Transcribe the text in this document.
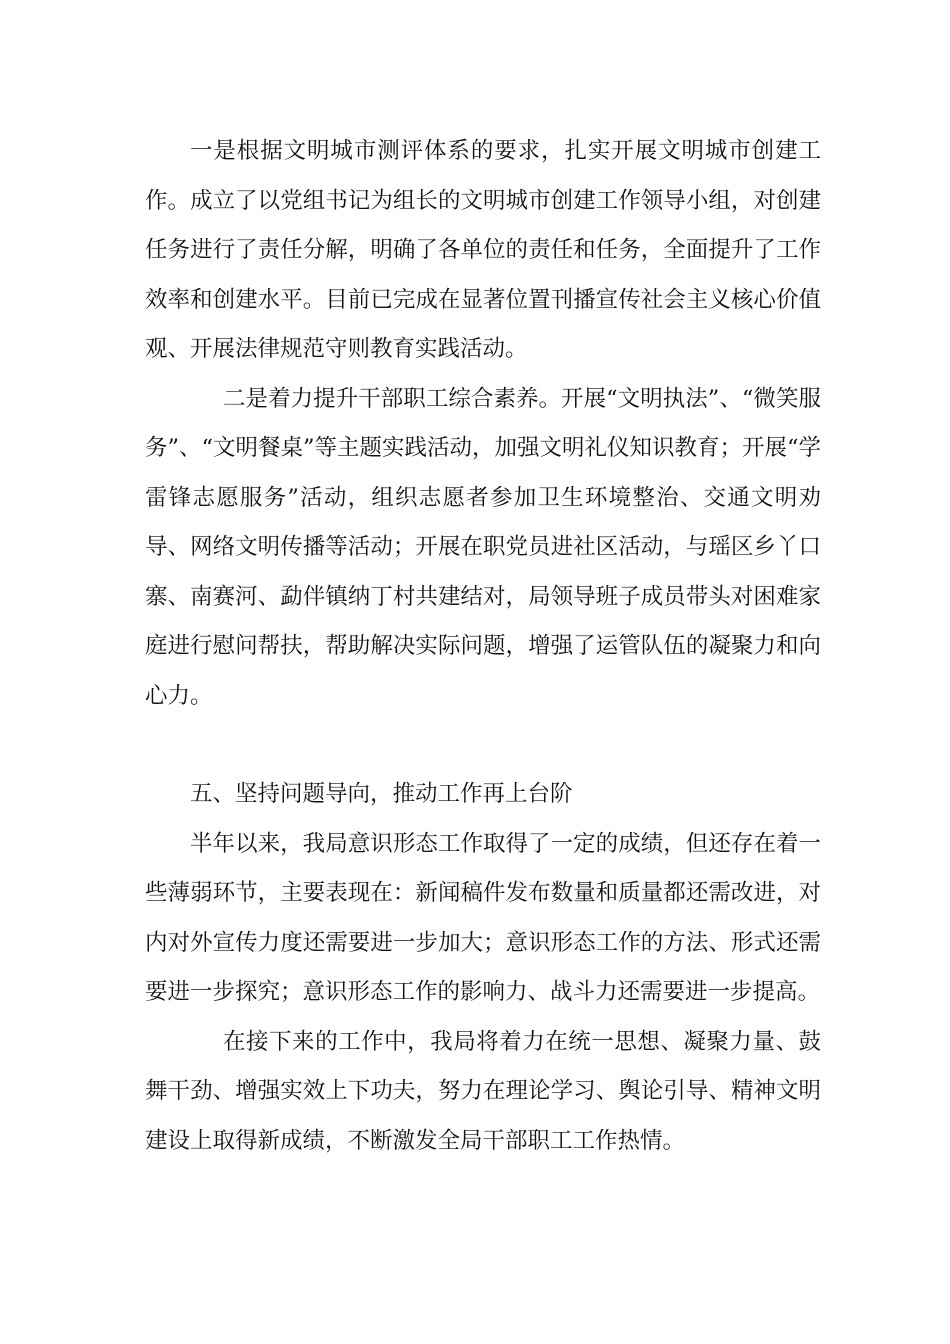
一是根据文明城市测评体系的要求，扎实开展文明城市创建工作。成立了以党组书记为组长的文明城市创建工作领导小组，对创建任务进行了责任分解，明确了各单位的责任和任务，全面提升了工作效率和创建水平。目前已完成在显著位置刊播宣传社会主义核心价值观、开展法律规范守则教育实践活动。

二是着力提升干部职工综合素养。开展“文明执法”、“微笑服务”、“文明餐桌”等主题实践活动，加强文明礼仪知识教育；开展“学雷锋志愿服务”活动，组织志愿者参加卫生环境整治、交通文明劝导、网络文明传播等活动；开展在职党员进社区活动，与瑶区乡丫口寨、南赛河、勐伴镇纳丁村共建结对，局领导班子成员带头对困难家庭进行慰问帮扶，帮助解决实际问题，增强了运管队伍的凝聚力和向心力。

五、坚持问题导向，推动工作再上台阶

半年以来，我局意识形态工作取得了一定的成绩，但还存在着一些薄弱环节，主要表现在：新闻稿件发布数量和质量都还需改进，对内对外宣传力度还需要进一步加大；意识形态工作的方法、形式还需要进一步探究；意识形态工作的影响力、战斗力还需要进一步提高。

在接下来的工作中，我局将着力在统一思想、凝聚力量、鼓舞干劲、增强实效上下功夫，努力在理论学习、舆论引导、精神文明建设上取得新成绩，不断激发全局干部职工工作热情。
